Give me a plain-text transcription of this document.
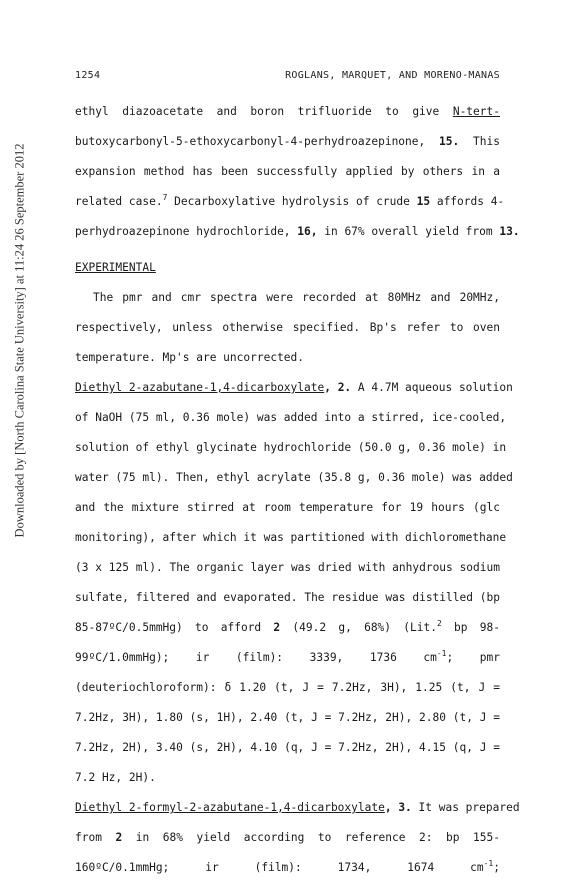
Downloaded by [North Carolina State University] at 11:24 26 September 2012
1254	ROGLANS, MARQUET, AND MORENO-MANAS
ethyl diazoacetate and boron trifluoride to give N-tert-
butoxycarbonyl-5-ethoxycarbonyl-4-perhydroazepinone, 15. This
expansion method has been successfully applied by others in a
related case.$^7$ Decarboxylative hydrolysis of crude 15 affords 4-
perhydroazepinone hydrochloride, 16, in 67% overall yield from 13.
EXPERIMENTAL
The pmr and cmr spectra were recorded at 80MHz and 20MHz,
respectively, unless otherwise specified. Bp's refer to oven
temperature. Mp's are uncorrected.
Diethyl 2-azabutane-1,4-dicarboxylate, 2. A 4.7M aqueous solution
of NaOH (75 ml, 0.36 mole) was added into a stirred, ice-cooled,
solution of ethyl glycinate hydrochloride (50.0 g, 0.36 mole) in
water (75 ml). Then, ethyl acrylate (35.8 g, 0.36 mole) was added
and the mixture stirred at room temperature for 19 hours (glc
monitoring), after which it was partitioned with dichloromethane
(3 x 125 ml). The organic layer was dried with anhydrous sodium
sulfate, filtered and evaporated. The residue was distilled (bp
85-87ºC/0.5mmHg) to afford 2 (49.2 g, 68%) (Lit.$^2$ bp 98-
99ºC/1.0mmHg); ir (film): 3339, 1736 $cm^{-1}$; pmr
(deuteriochloroform): δ 1.20 (t, J = 7.2Hz, 3H), 1.25 (t, J =
7.2Hz, 3H), 1.80 (s, 1H), 2.40 (t, J = 7.2Hz, 2H), 2.80 (t, J =
7.2Hz, 2H), 3.40 (s, 2H), 4.10 (q, J = 7.2Hz, 2H), 4.15 (q, J =
7.2 Hz, 2H).
Diethyl 2-formyl-2-azabutane-1,4-dicarboxylate, 3. It was prepared
from 2 in 68% yield according to reference 2: bp 155-
160ºC/0.1mmHg; ir (film): 1734, 1674 $cm^{-1}$;
